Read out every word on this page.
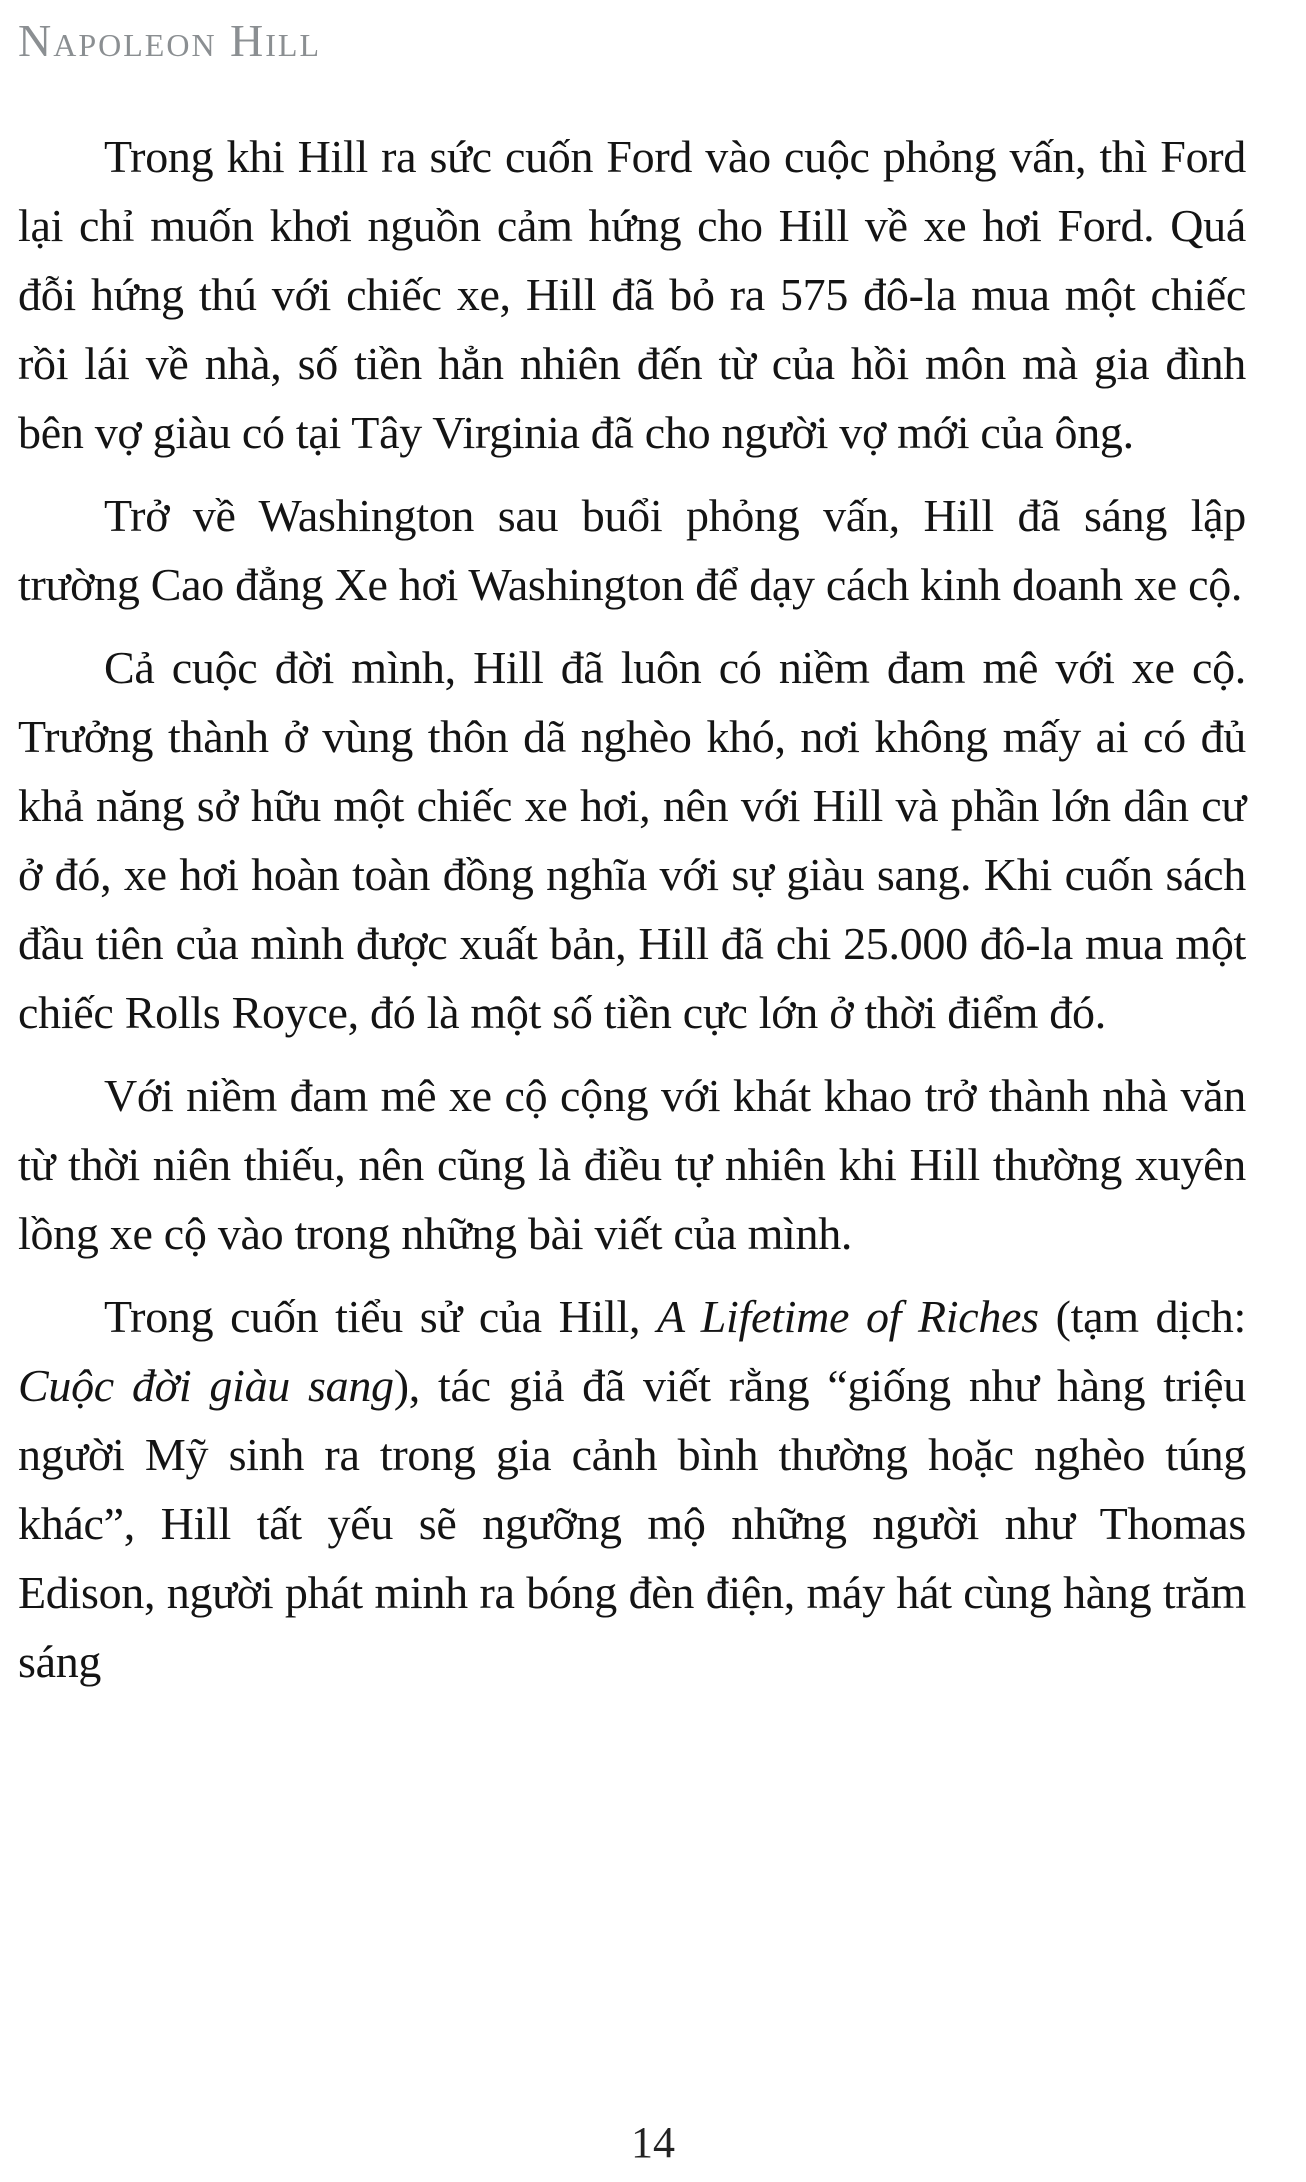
Napoleon Hill

Trong khi Hill ra sức cuốn Ford vào cuộc phỏng vấn, thì Ford lại chỉ muốn khơi nguồn cảm hứng cho Hill về xe hơi Ford. Quá đỗi hứng thú với chiếc xe, Hill đã bỏ ra 575 đô-la mua một chiếc rồi lái về nhà, số tiền hẳn nhiên đến từ của hồi môn mà gia đình bên vợ giàu có tại Tây Virginia đã cho người vợ mới của ông.

Trở về Washington sau buổi phỏng vấn, Hill đã sáng lập trường Cao đẳng Xe hơi Washington để dạy cách kinh doanh xe cộ.

Cả cuộc đời mình, Hill đã luôn có niềm đam mê với xe cộ. Trưởng thành ở vùng thôn dã nghèo khó, nơi không mấy ai có đủ khả năng sở hữu một chiếc xe hơi, nên với Hill và phần lớn dân cư ở đó, xe hơi hoàn toàn đồng nghĩa với sự giàu sang. Khi cuốn sách đầu tiên của mình được xuất bản, Hill đã chi 25.000 đô-la mua một chiếc Rolls Royce, đó là một số tiền cực lớn ở thời điểm đó.

Với niềm đam mê xe cộ cộng với khát khao trở thành nhà văn từ thời niên thiếu, nên cũng là điều tự nhiên khi Hill thường xuyên lồng xe cộ vào trong những bài viết của mình.

Trong cuốn tiểu sử của Hill, A Lifetime of Riches (tạm dịch: Cuộc đời giàu sang), tác giả đã viết rằng “giống như hàng triệu người Mỹ sinh ra trong gia cảnh bình thường hoặc nghèo túng khác”, Hill tất yếu sẽ ngưỡng mộ những người như Thomas Edison, người phát minh ra bóng đèn điện, máy hát cùng hàng trăm sáng

14
